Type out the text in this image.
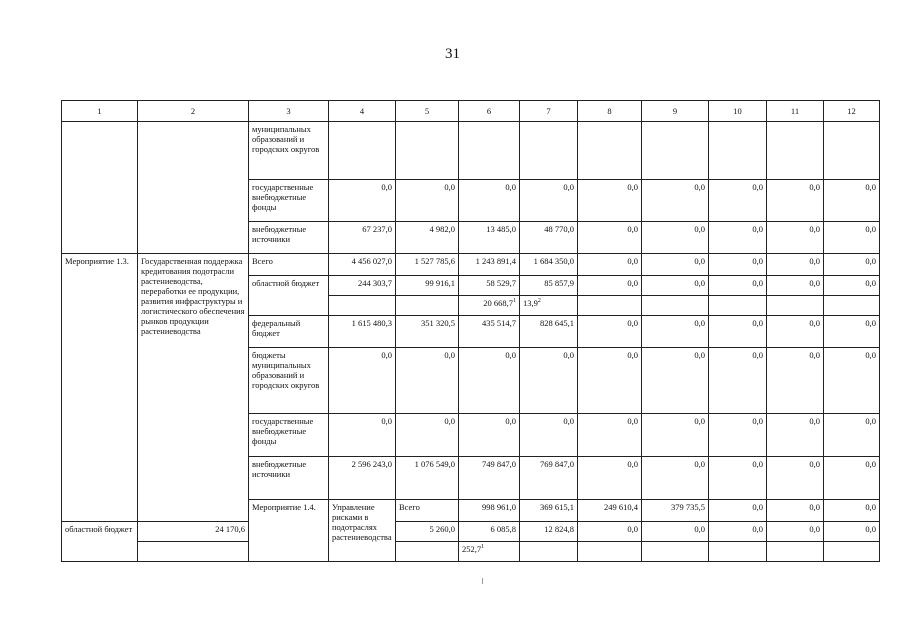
31
1	2	3	4	5	6	7	8	9	10	11	12	
		муниципальных образований и городских округов										
		государственные внебюджетные фонды	0,0	0,0	0,0	0,0	0,0	0,0	0,0	0,0	0,0	
		внебюджетные источники	67 237,0	4 982,0	13 485,0	48 770,0	0,0	0,0	0,0	0,0	0,0	
Мероприятие 1.3.	Государственная поддержка кредитования подотрасли растениеводства, переработки ее продукции, развития инфраструктуры и логистического обеспечения рынков продукции растениеводства	Всего	4 456 027,0	1 527 785,6	1 243 891,4	1 684 350,0	0,0	0,0	0,0	0,0	0,0	
		областной бюджет	244 303,7	99 916,1	58 529,7	85 857,9	0,0	0,0	0,0	0,0	0,0	
					20 668,7$^1$	13,9$^2$					
		федеральный бюджет	1 615 480,3	351 320,5	435 514,7	828 645,1	0,0	0,0	0,0	0,0	0,0	
		бюджеты муниципальных образований и городских округов	0,0	0,0	0,0	0,0	0,0	0,0	0,0	0,0	0,0	
		государственные внебюджетные фонды	0,0	0,0	0,0	0,0	0,0	0,0	0,0	0,0	0,0	
		внебюджетные источники	2 596 243,0	1 076 549,0	749 847,0	769 847,0	0,0	0,0	0,0	0,0	0,0	
		Мероприятие 1.4.	Управление рисками в подотраслях растениеводства	Всего	998 961,0	369 615,1	249 610,4	379 735,5	0,0	0,0	0,0		
областной бюджет	24 170,6			5 260,0	6 085,8	12 824,8	0,0	0,0	0,0	0,0	0,0	
					252,7$^1$						
